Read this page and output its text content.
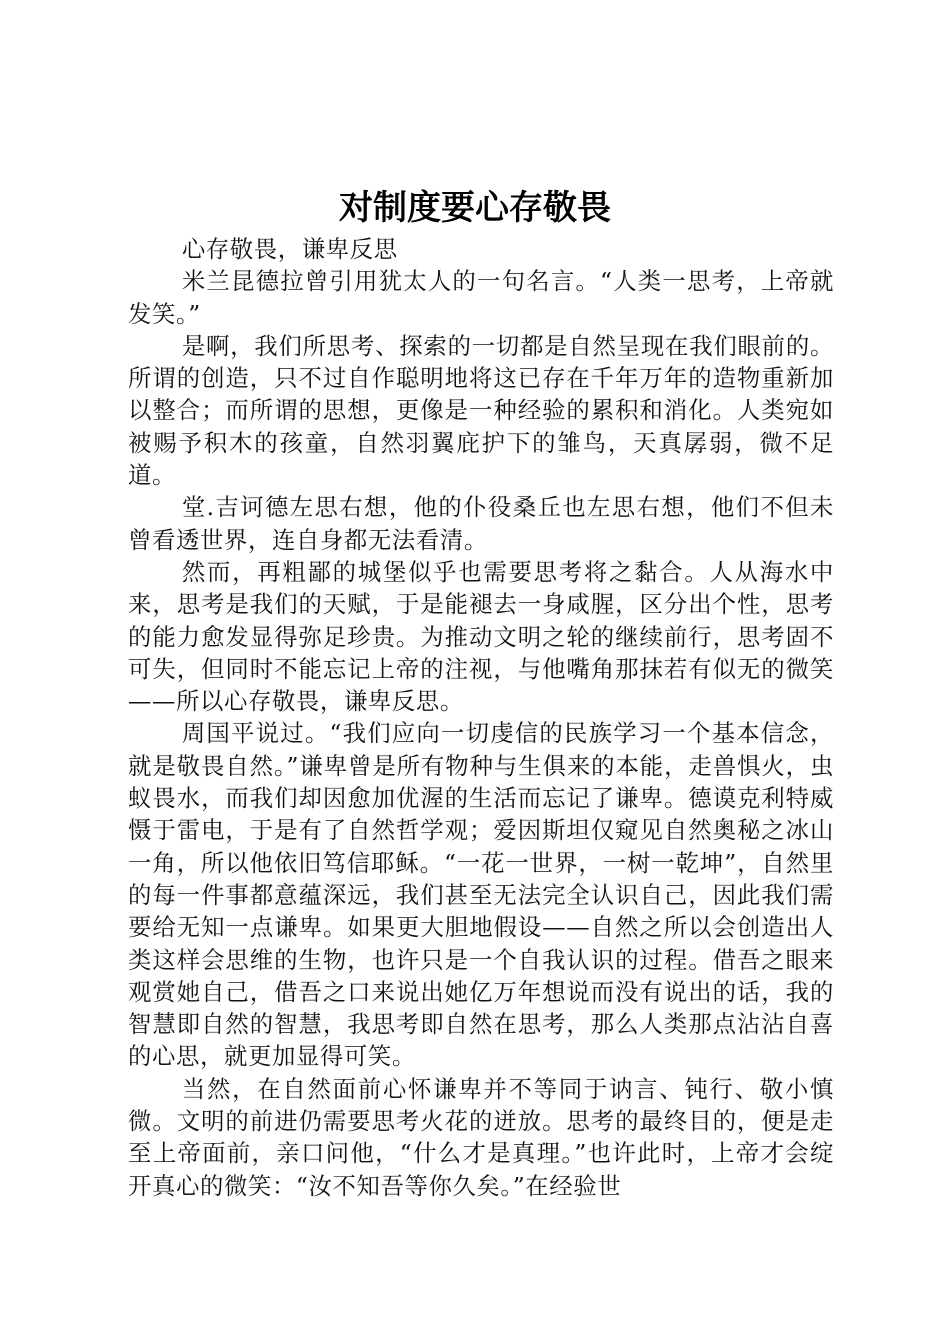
对制度要心存敬畏

心存敬畏，谦卑反思

米兰昆德拉曾引用犹太人的一句名言。“人类一思考，上帝就发笑。”

是啊，我们所思考、探索的一切都是自然呈现在我们眼前的。所谓的创造，只不过自作聪明地将这已存在千年万年的造物重新加以整合；而所谓的思想，更像是一种经验的累积和消化。人类宛如被赐予积木的孩童，自然羽翼庇护下的雏鸟，天真孱弱，微不足道。

堂.吉诃德左思右想，他的仆役桑丘也左思右想，他们不但未曾看透世界，连自身都无法看清。

然而，再粗鄙的城堡似乎也需要思考将之黏合。人从海水中来，思考是我们的天赋，于是能褪去一身咸腥，区分出个性，思考的能力愈发显得弥足珍贵。为推动文明之轮的继续前行，思考固不可失，但同时不能忘记上帝的注视，与他嘴角那抹若有似无的微笑——所以心存敬畏，谦卑反思。

周国平说过。“我们应向一切虔信的民族学习一个基本信念，就是敬畏自然。”谦卑曾是所有物种与生俱来的本能，走兽惧火，虫蚁畏水，而我们却因愈加优渥的生活而忘记了谦卑。德谟克利特威慑于雷电，于是有了自然哲学观；爱因斯坦仅窥见自然奥秘之冰山一角，所以他依旧笃信耶稣。“一花一世界，一树一乾坤”，自然里的每一件事都意蕴深远，我们甚至无法完全认识自己，因此我们需要给无知一点谦卑。如果更大胆地假设——自然之所以会创造出人类这样会思维的生物，也许只是一个自我认识的过程。借吾之眼来观赏她自己，借吾之口来说出她亿万年想说而没有说出的话，我的智慧即自然的智慧，我思考即自然在思考，那么人类那点沾沾自喜的心思，就更加显得可笑。

当然，在自然面前心怀谦卑并不等同于讷言、钝行、敬小慎微。文明的前进仍需要思考火花的迸放。思考的最终目的，便是走至上帝面前，亲口问他，“什么才是真理。”也许此时，上帝才会绽开真心的微笑：“汝不知吾等你久矣。”在经验世
